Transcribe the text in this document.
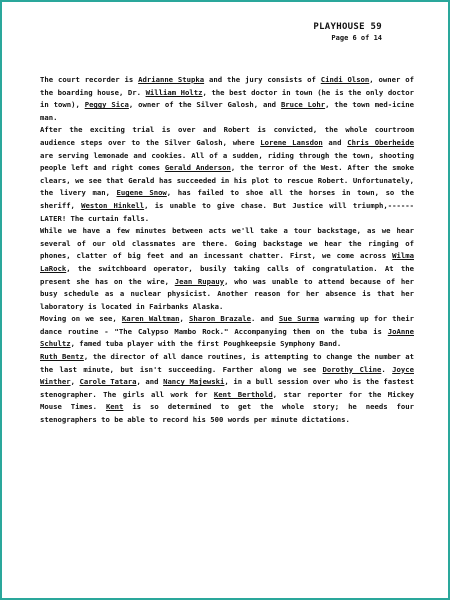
PLAYHOUSE 59
Page 6 of 14

The court recorder is Adrianne Stupka and the jury consists of Cindi Olson, owner of the boarding house, Dr. William Holtz, the best doctor in town (he is the only doctor in town), Peggy Sica, owner of the Silver Galosh, and Bruce Lohr, the town med-icine man.

After the exciting trial is over and Robert is convicted, the whole courtroom audience steps over to the Silver Galosh, where Lorene Lansdon and Chris Oberheide are serving lemonade and cookies. All of a sudden, riding through the town, shooting people left and right comes Gerald Anderson, the terror of the West. After the smoke clears, we see that Gerald has succeeded in his plot to rescue Robert. Unfortunately, the livery man, Eugene Snow, has failed to shoe all the horses in town, so the sheriff, Weston Hinkell, is unable to give chase. But Justice will triumph,------ LATER! The curtain falls.

While we have a few minutes between acts we'll take a tour backstage, as we hear several of our old classmates are there. Going backstage we hear the ringing of phones, clatter of big feet and an incessant chatter. First, we come across Wilma LaRock, the switchboard operator, busily taking calls of congratulation. At the present she has on the wire, Jean Rupauy, who was unable to attend because of her busy schedule as a nuclear physicist. Another reason for her absence is that her laboratory is located in Fairbanks Alaska.

Moving on we see, Karen Waltman, Sharon Brazale. and Sue Surma warming up for their dance routine - "The Calypso Mambo Rock." Accompanying them on the tuba is JoAnne Schultz, famed tuba player with the first Poughkeepsie Symphony Band.

Ruth Bentz, the director of all dance routines, is attempting to change the number at the last minute, but isn't succeeding. Farther along we see Dorothy Cline. Joyce Winther, Carole Tatara, and Nancy Majewski, in a bull session over who is the fastest stenographer. The girls all work for Kent Berthold, star reporter for the Mickey Mouse Times. Kent is so determined to get the whole story; he needs four stenographers to be able to record his 500 words per minute dictations.
